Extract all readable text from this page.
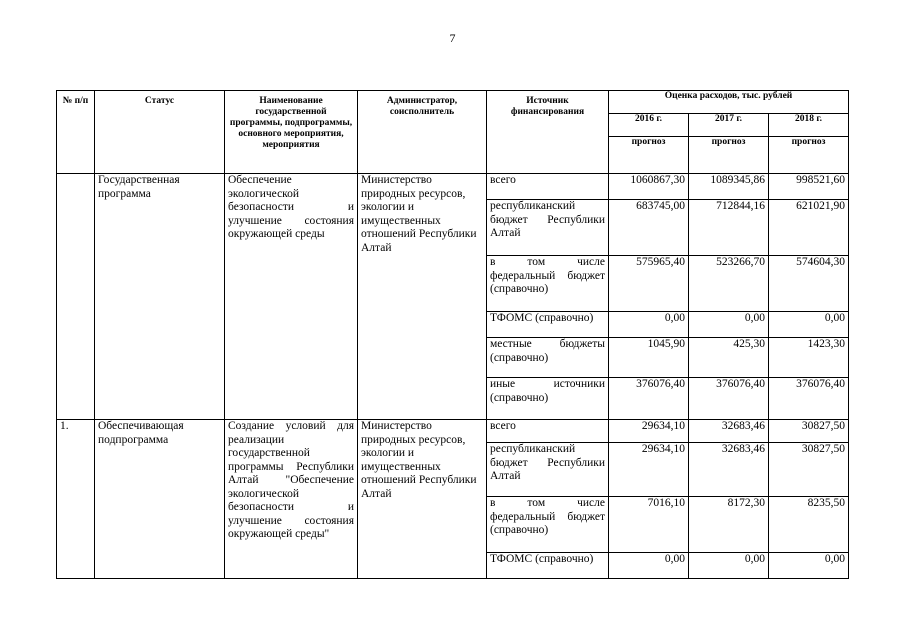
7
№ п/п	Статус	Наименование государственной программы, подпрограммы, основного мероприятия, мероприятия	Администратор, соисполнитель	Источник финансирования	Оценка расходов, тыс. рублей		
					2016 г.	2017 г.	2018 г.
					прогноз	прогноз	прогноз
	Государственная программа	Обеспечение экологической безопасности и улучшение состояния окружающей среды	Министерство природных ресурсов, экологии и имущественных отношений Республики Алтай	всего	1060867,30	1089345,86	998521,60
				республиканский бюджет Республики Алтай	683745,00	712844,16	621021,90
				в том числе федеральный бюджет (справочно)	575965,40	523266,70	574604,30
				ТФОМС (справочно)	0,00	0,00	0,00
				местные бюджеты (справочно)	1045,90	425,30	1423,30
				иные источники (справочно)	376076,40	376076,40	376076,40
1.	Обеспечивающая подпрограмма	Создание условий для реализации государственной программы Республики Алтай "Обеспечение экологической безопасности и улучшение состояния окружающей среды"	Министерство природных ресурсов, экологии и имущественных отношений Республики Алтай	всего	29634,10	32683,46	30827,50
				республиканский бюджет Республики Алтай	29634,10	32683,46	30827,50
				в том числе федеральный бюджет (справочно)	7016,10	8172,30	8235,50
				ТФОМС (справочно)	0,00	0,00	0,00
